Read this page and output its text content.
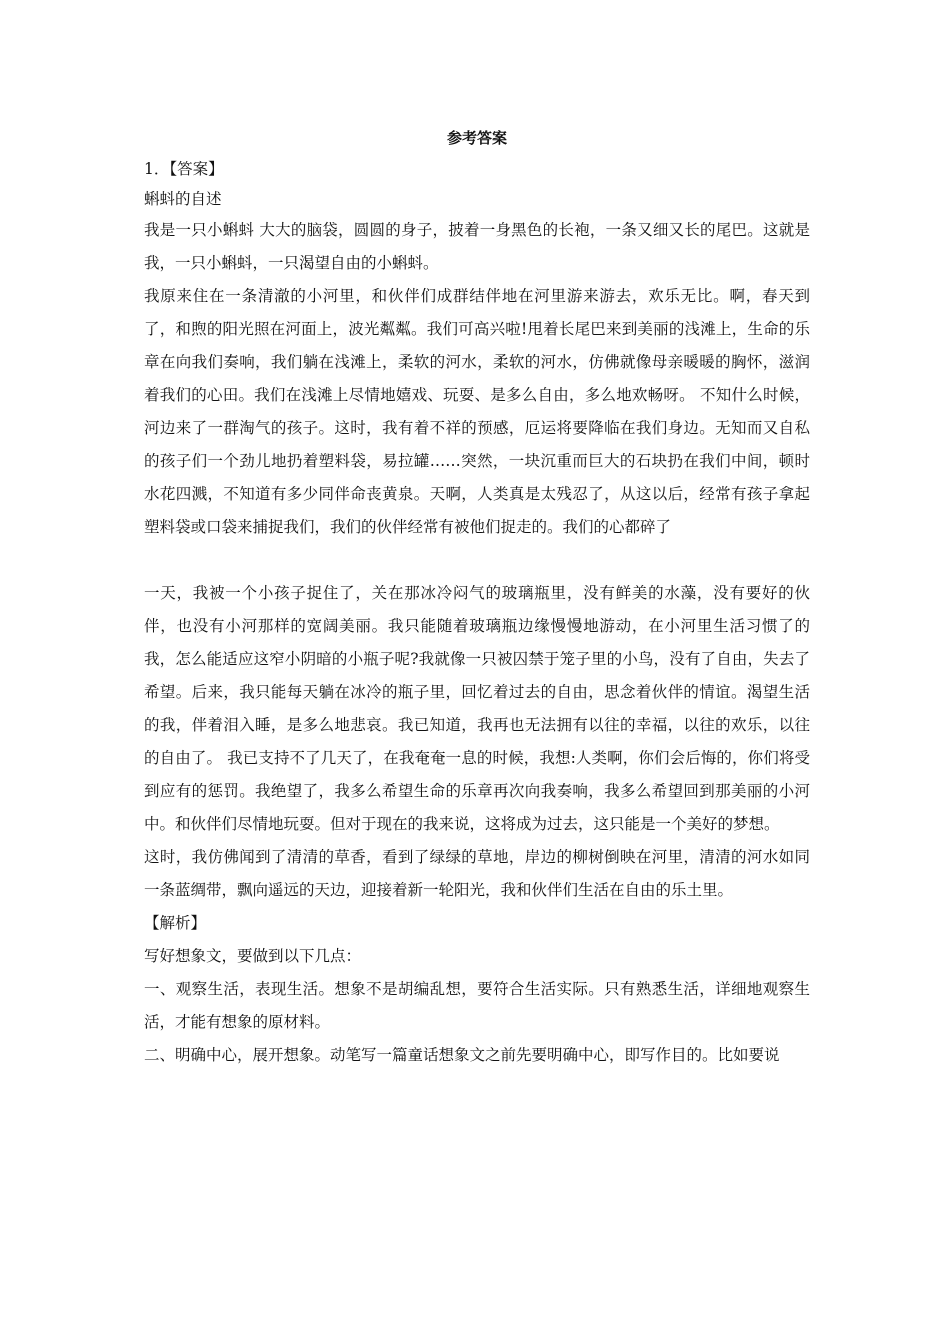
参考答案

1．【答案】

蝌蚪的自述

我是一只小蝌蚪 大大的脑袋，圆圆的身子，披着一身黑色的长袍，一条又细又长的尾巴。这就是我，一只小蝌蚪，一只渴望自由的小蝌蚪。

我原来住在一条清澈的小河里，和伙伴们成群结伴地在河里游来游去，欢乐无比。啊，春天到了，和煦的阳光照在河面上，波光粼粼。我们可高兴啦!甩着长尾巴来到美丽的浅滩上，生命的乐章在向我们奏响，我们躺在浅滩上，柔软的河水，柔软的河水，仿佛就像母亲暖暖的胸怀，滋润着我们的心田。我们在浅滩上尽情地嬉戏、玩耍、是多么自由，多么地欢畅呀。 不知什么时候，河边来了一群淘气的孩子。这时，我有着不祥的预感，厄运将要降临在我们身边。无知而又自私的孩子们一个劲儿地扔着塑料袋，易拉罐……突然，一块沉重而巨大的石块扔在我们中间，顿时水花四溅，不知道有多少同伴命丧黄泉。天啊，人类真是太残忍了，从这以后，经常有孩子拿起塑料袋或口袋来捕捉我们，我们的伙伴经常有被他们捉走的。我们的心都碎了

一天，我被一个小孩子捉住了，关在那冰冷闷气的玻璃瓶里，没有鲜美的水藻，没有要好的伙伴，也没有小河那样的宽阔美丽。我只能随着玻璃瓶边缘慢慢地游动，在小河里生活习惯了的我，怎么能适应这窄小阴暗的小瓶子呢?我就像一只被囚禁于笼子里的小鸟，没有了自由，失去了希望。后来，我只能每天躺在冰冷的瓶子里，回忆着过去的自由，思念着伙伴的情谊。渴望生活的我，伴着泪入睡，是多么地悲哀。我已知道，我再也无法拥有以往的幸福，以往的欢乐，以往的自由了。 我已支持不了几天了，在我奄奄一息的时候，我想:人类啊，你们会后悔的，你们将受到应有的惩罚。我绝望了，我多么希望生命的乐章再次向我奏响，我多么希望回到那美丽的小河中。和伙伴们尽情地玩耍。但对于现在的我来说，这将成为过去，这只能是一个美好的梦想。

这时，我仿佛闻到了清清的草香，看到了绿绿的草地，岸边的柳树倒映在河里，清清的河水如同一条蓝绸带，飘向遥远的天边，迎接着新一轮阳光，我和伙伴们生活在自由的乐土里。

【解析】

写好想象文，要做到以下几点：

一、观察生活，表现生活。想象不是胡编乱想，要符合生活实际。只有熟悉生活，详细地观察生活，才能有想象的原材料。

二、明确中心，展开想象。动笔写一篇童话想象文之前先要明确中心，即写作目的。比如要说
